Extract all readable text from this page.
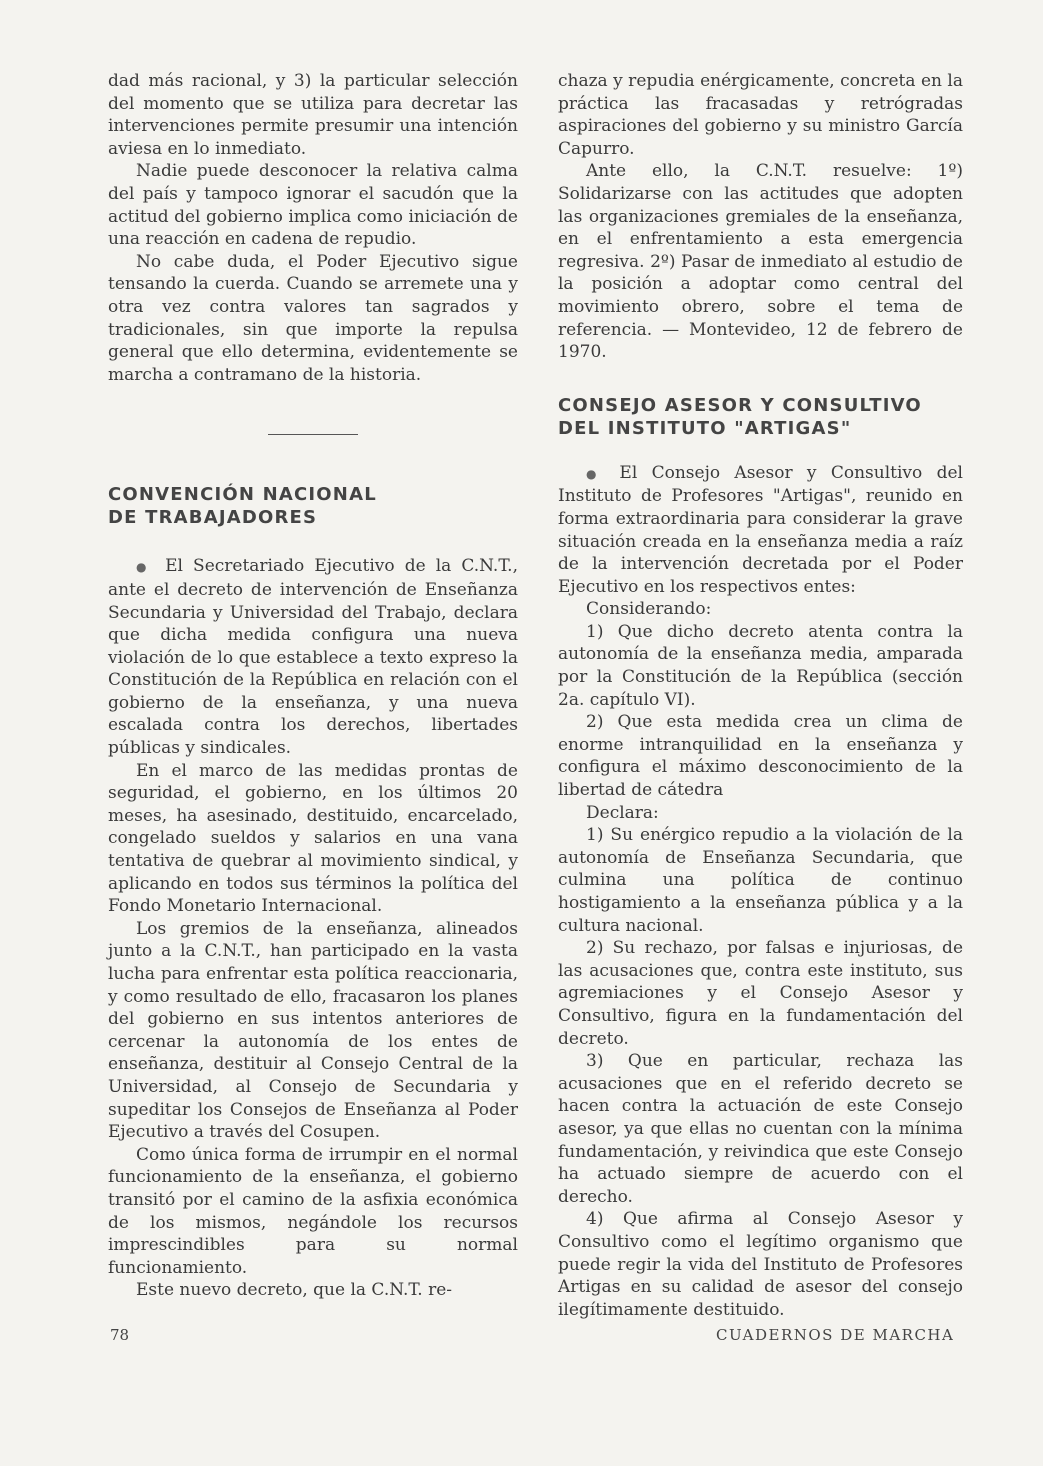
dad más racional, y 3) la particular selección del momento que se utiliza para decretar las intervenciones permite presumir una intención aviesa en lo inmediato.

Nadie puede desconocer la relativa calma del país y tampoco ignorar el sacudón que la actitud del gobierno implica como iniciación de una reacción en cadena de repudio.

No cabe duda, el Poder Ejecutivo sigue tensando la cuerda. Cuando se arremete una y otra vez contra valores tan sagrados y tradicionales, sin que importe la repulsa general que ello determina, evidentemente se marcha a contramano de la historia.

CONVENCIÓN NACIONAL
DE TRABAJADORES

● El Secretariado Ejecutivo de la C.N.T., ante el decreto de intervención de Enseñanza Secundaria y Universidad del Trabajo, declara que dicha medida configura una nueva violación de lo que establece a texto expreso la Constitución de la República en relación con el gobierno de la enseñanza, y una nueva escalada contra los derechos, libertades públicas y sindicales.

En el marco de las medidas prontas de seguridad, el gobierno, en los últimos 20 meses, ha asesinado, destituido, encarcelado, congelado sueldos y salarios en una vana tentativa de quebrar al movimiento sindical, y aplicando en todos sus términos la política del Fondo Monetario Internacional.

Los gremios de la enseñanza, alineados junto a la C.N.T., han participado en la vasta lucha para enfrentar esta política reaccionaria, y como resultado de ello, fracasaron los planes del gobierno en sus intentos anteriores de cercenar la autonomía de los entes de enseñanza, destituir al Consejo Central de la Universidad, al Consejo de Secundaria y supeditar los Consejos de Enseñanza al Poder Ejecutivo a través del Cosupen.

Como única forma de irrumpir en el normal funcionamiento de la enseñanza, el gobierno transitó por el camino de la asfixia económica de los mismos, negándole los recursos imprescindibles para su normal funcionamiento.

Este nuevo decreto, que la C.N.T. re-

chaza y repudia enérgicamente, concreta en la práctica las fracasadas y retrógradas aspiraciones del gobierno y su ministro García Capurro.

Ante ello, la C.N.T. resuelve: 1º) Solidarizarse con las actitudes que adopten las organizaciones gremiales de la enseñanza, en el enfrentamiento a esta emergencia regresiva. 2º) Pasar de inmediato al estudio de la posición a adoptar como central del movimiento obrero, sobre el tema de referencia. — Montevideo, 12 de febrero de 1970.

CONSEJO ASESOR Y CONSULTIVO
DEL INSTITUTO "ARTIGAS"

● El Consejo Asesor y Consultivo del Instituto de Profesores "Artigas", reunido en forma extraordinaria para considerar la grave situación creada en la enseñanza media a raíz de la intervención decretada por el Poder Ejecutivo en los respectivos entes:

Considerando:

1) Que dicho decreto atenta contra la autonomía de la enseñanza media, amparada por la Constitución de la República (sección 2a. capítulo VI).

2) Que esta medida crea un clima de enorme intranquilidad en la enseñanza y configura el máximo desconocimiento de la libertad de cátedra

Declara:

1) Su enérgico repudio a la violación de la autonomía de Enseñanza Secundaria, que culmina una política de continuo hostigamiento a la enseñanza pública y a la cultura nacional.

2) Su rechazo, por falsas e injuriosas, de las acusaciones que, contra este instituto, sus agremiaciones y el Consejo Asesor y Consultivo, figura en la fundamentación del decreto.

3) Que en particular, rechaza las acusaciones que en el referido decreto se hacen contra la actuación de este Consejo asesor, ya que ellas no cuentan con la mínima fundamentación, y reivindica que este Consejo ha actuado siempre de acuerdo con el derecho.

4) Que afirma al Consejo Asesor y Consultivo como el legítimo organismo que puede regir la vida del Instituto de Profesores Artigas en su calidad de asesor del consejo ilegítimamente destituido.

78	CUADERNOS DE MARCHA
